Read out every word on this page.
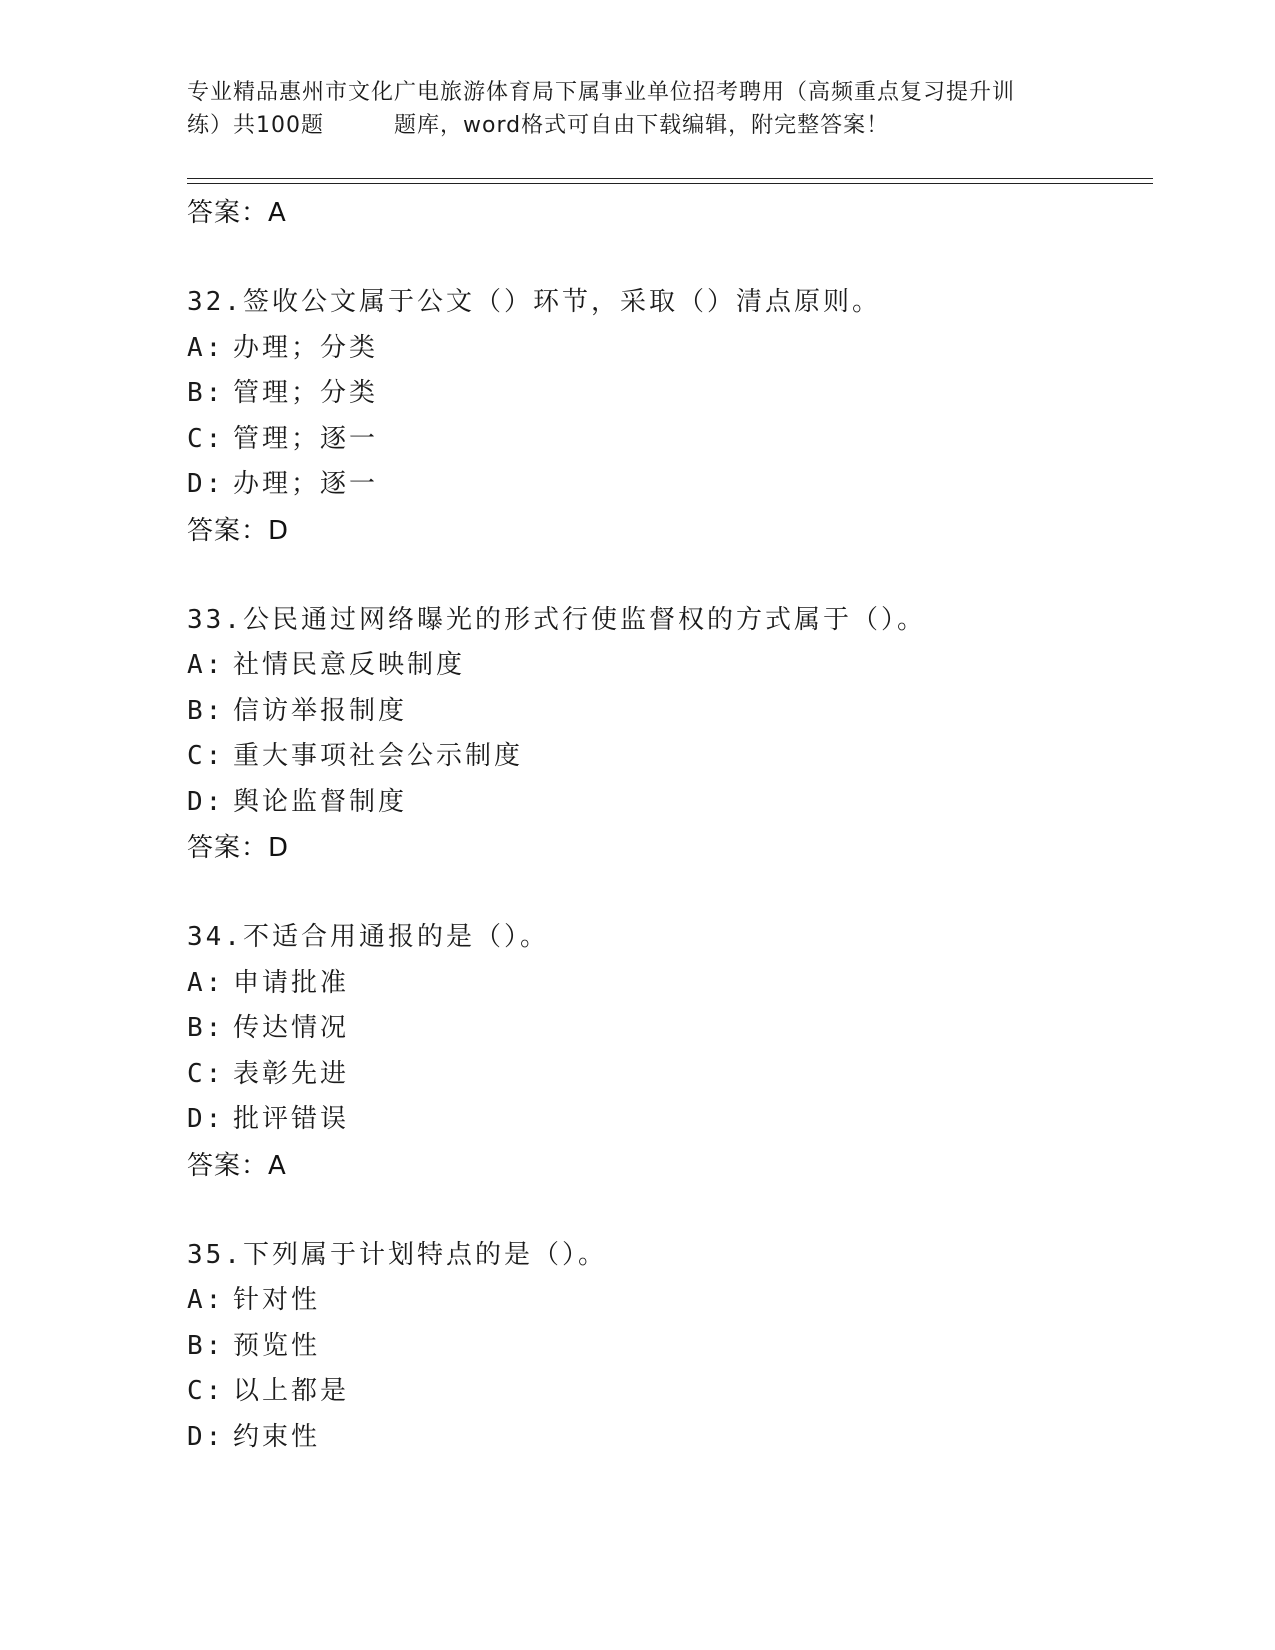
专业精品惠州市文化广电旅游体育局下属事业单位招考聘用（高频重点复习提升训
练）共100题	题库，word格式可自由下载编辑，附完整答案！
答案：A
32.签收公文属于公文（）环节，采取（）清点原则。
A: 办理；分类
B: 管理；分类
C: 管理；逐一
D: 办理；逐一
答案：D
33.公民通过网络曝光的形式行使监督权的方式属于（）。
A: 社情民意反映制度
B: 信访举报制度
C: 重大事项社会公示制度
D: 舆论监督制度
答案：D
34.不适合用通报的是（）。
A: 申请批准
B: 传达情况
C: 表彰先进
D: 批评错误
答案：A
35.下列属于计划特点的是（）。
A: 针对性
B: 预览性
C: 以上都是
D: 约束性
